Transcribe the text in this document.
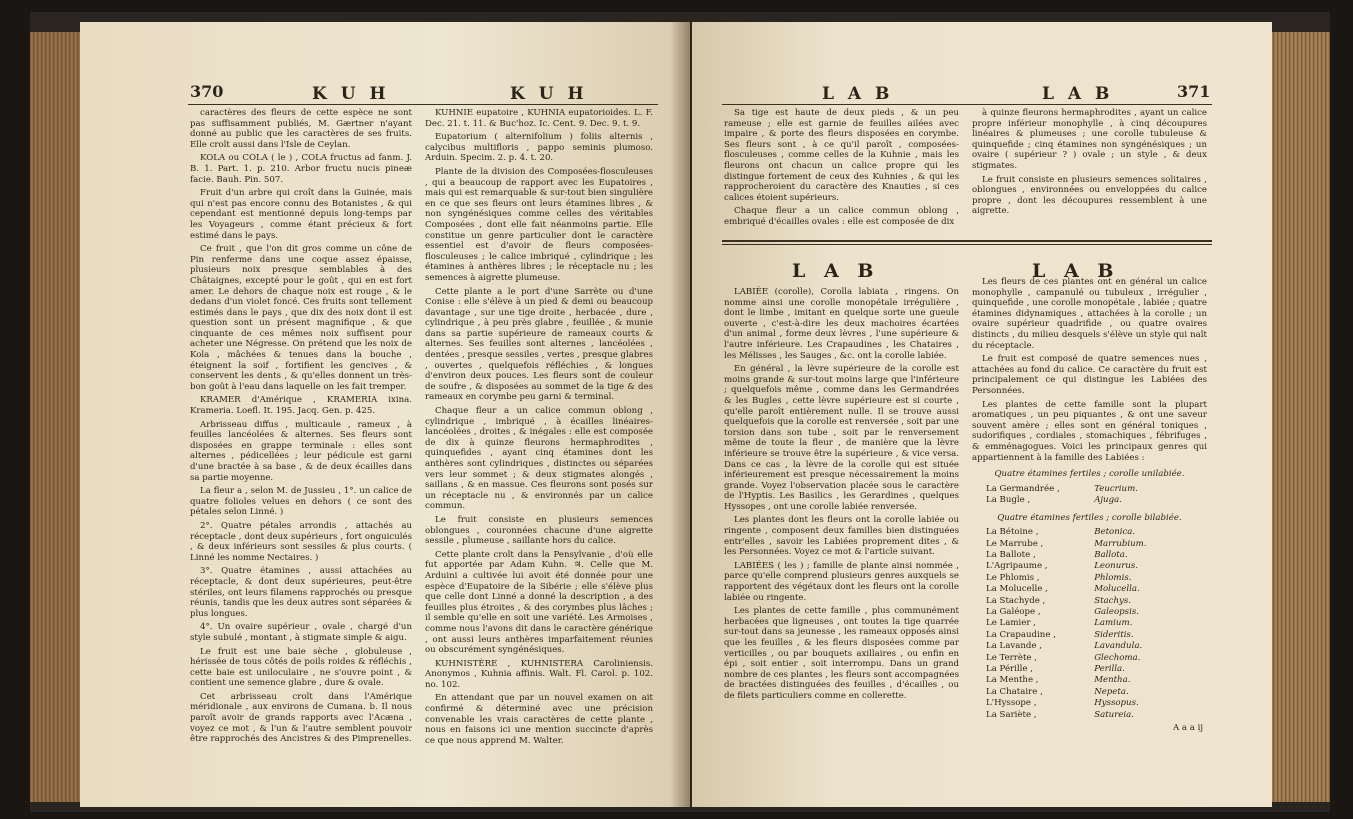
370	K U H	K U H

caractères des fleurs de cette espèce ne sont pas suffisamment publiés, M. Gærtner n'ayant donné au public que les caractères de ses fruits. Elle croît aussi dans l'Isle de Ceylan.

KOLA ou COLA ( le ) , COLA fructus ad fanm. J. B. 1. Part. 1. p. 210. Arbor fructu nucis pineæ facie. Bauh. Pin. 507.

Fruit d'un arbre qui croît dans la Guinée, mais qui n'est pas encore connu des Botanistes , & qui cependant est mentionné depuis long-temps par les Voyageurs , comme étant précieux & fort estimé dans le pays.

Ce fruit , que l'on dit gros comme un cône de Pin renferme dans une coque assez épaisse, plusieurs noix presque semblables à des Châtaignes, excepté pour le goût , qui en est fort amer. Le dehors de chaque noix est rouge , & le dedans d'un violet foncé. Ces fruits sont tellement estimés dans le pays , que dix des noix dont il est question sont un présent magnifique , & que cinquante de ces mêmes noix suffisent pour acheter une Négresse. On prétend que les noix de Kola , mâchées & tenues dans la bouche , éteignent la soif , fortifient les gencives , & conservent les dents , & qu'elles donnent un très-bon goût à l'eau dans laquelle on les fait tremper.

KRAMER d'Amérique , KRAMERIA ixina. Krameria. Loefl. It. 195. Jacq. Gen. p. 425.

Arbrisseau diffus , multicaule , rameux , à feuilles lancéolées & alternes. Ses fleurs sont disposées en grappe terminale : elles sont alternes , pédicellées ; leur pédicule est garni d'une bractée à sa base , & de deux écailles dans sa partie moyenne.

La fleur a , selon M. de Jussieu , 1°. un calice de quatre folioles velues en dehors ( ce sont des pétales selon Linné. )

2°. Quatre pétales arrondis , attachés au réceptacle , dont deux supérieurs , fort onguiculés , & deux inférieurs sont sessiles & plus courts. ( Linné les nomme Nectaires. )

3°. Quatre étamines , aussi attachées au réceptacle, & dont deux supérieures, peut-être stériles, ont leurs filamens rapprochés ou presque réunis, tandis que les deux autres sont séparées & plus longues.

4°. Un ovaire supérieur , ovale , chargé d'un style subulé , montant , à stigmate simple & aigu.

Le fruit est une baie sèche , globuleuse , hérissée de tous côtés de poils roides & réfléchis , cette baie est uniloculaire , ne s'ouvre point , & contient une semence glabre , dure & ovale.

Cet arbrisseau croît dans l'Amérique méridionale , aux environs de Cumana. b. Il nous paroît avoir de grands rapports avec l'Acæna , voyez ce mot , & l'un & l'autre semblent pouvoir être rapprochés des Ancistres & des Pimprenelles.

KUHNIE eupatoire , KUHNIA eupatorioides. L. F. Dec. 21. t. 11. & Buc'hoz. Ic. Cent. 9. Dec. 9. t. 9.

Eupatorium ( alternifolium ) foliis alternis , calycibus multifloris , pappo seminis plumoso. Arduin. Specim. 2. p. 4. t. 20.

Plante de la division des Composées-flosculeuses , qui a beaucoup de rapport avec les Eupatoires , mais qui est remarquable & sur-tout bien singulière en ce que ses fleurs ont leurs étamines libres , & non syngénésiques comme celles des véritables Composées , dont elle fait néanmoins partie. Elle constitue un genre particulier dont le caractère essentiel est d'avoir de fleurs composées-flosculeuses ; le calice imbriqué , cylindrique ; les étamines à anthères libres ; le réceptacle nu ; les semences à aigrette plumeuse.

Cette plante a le port d'une Sarrète ou d'une Conise : elle s'élève à un pied & demi ou beaucoup davantage , sur une tige droite , herbacée , dure , cylindrique , à peu près glabre , feuillée , & munie dans sa partie supérieure de rameaux courts & alternes. Ses feuilles sont alternes , lancéolées , dentées , presque sessiles , vertes , presque glabres , ouvertes , quelquefois réfléchies , & longues d'environ deux pouces. Les fleurs sont de couleur de soufre , & disposées au sommet de la tige & des rameaux en corymbe peu garni & terminal.

Chaque fleur a un calice commun oblong , cylindrique , imbriqué , à écailles linéaires-lancéolées , droites , & inégales : elle est composée de dix à quinze fleurons hermaphrodites , quinquefides , ayant cinq étamines dont les anthères sont cylindriques , distinctes ou séparées vers leur sommet ; & deux stigmates alongés , saillans , & en massue. Ces fleurons sont posés sur un réceptacle nu , & environnés par un calice commun.

Le fruit consiste en plusieurs semences oblongues , couronnées chacune d'une aigrette sessile , plumeuse , saillante hors du calice.

Cette plante croît dans la Pensylvanie , d'où elle fut apportée par Adam Kuhn. ♃. Celle que M. Arduini a cultivée lui avoit été donnée pour une espèce d'Eupatoire de la Sibérie ; elle s'élève plus que celle dont Linné a donné la description , a des feuilles plus étroites , & des corymbes plus lâches ; il semble qu'elle en soit une variété. Les Armoises , comme nous l'avons dit dans le caractère générique , ont aussi leurs anthères imparfaitement réunies ou obscurément syngénésiques.

KUHNISTÈRE , KUHNISTERA Caroliniensis. Anonymos , Kuhnia affinis. Walt. Fl. Carol. p. 102. no. 102.

En attendant que par un nouvel examen on ait confirmé & déterminé avec une précision convenable les vrais caractères de cette plante , nous en faisons ici une mention succincte d'après ce que nous apprend M. Walter.

L A B	L A B	371

Sa tige est haute de deux pieds , & un peu rameuse ; elle est garnie de feuilles ailées avec impaire , & porte des fleurs disposées en corymbe. Ses fleurs sont , à ce qu'il paroît , composées-flosculeuses , comme celles de la Kuhnie , mais les fleurons ont chacun un calice propre qui les distingue fortement de ceux des Kuhnies , & qui les rapprocheroient du caractère des Knauties , si ces calices étoient supérieurs.

Chaque fleur a un calice commun oblong , embriqué d'écailles ovales : elle est composée de dix

à quinze fleurons hermaphrodites , ayant un calice propre inférieur monophylle , à cinq découpures linéaires & plumeuses ; une corolle tubuleuse & quinquefide ; cinq étamines non syngénésiques ; un ovaire ( supérieur ? ) ovale ; un style , & deux stigmates.

Le fruit consiste en plusieurs semences solitaires , oblongues , environnées ou enveloppées du calice propre , dont les découpures ressemblent à une aigrette.

L A B	L A B

LABIÉE (corolle), Corolla labiata , ringens. On nomme ainsi une corolle monopétale irrégulière , dont le limbe , imitant en quelque sorte une gueule ouverte , c'est-à-dire les deux machoires écartées d'un animal , forme deux lèvres , l'une supérieure & l'autre inférieure. Les Crapaudines , les Chataires , les Mélisses , les Sauges , &c. ont la corolle labiée.

En général , la lèvre supérieure de la corolle est moins grande & sur-tout moins large que l'inférieure ; quelquefois même , comme dans les Germandrées & les Bugles , cette lèvre supérieure est si courte , qu'elle paroît entièrement nulle. Il se trouve aussi quelquefois que la corolle est renversée , soit par une torsion dans son tube , soit par le renversement même de toute la fleur , de manière que la lèvre inférieure se trouve être la supérieure , & vice versa. Dans ce cas , la lèvre de la corolle qui est située inférieurement est presque nécessairement la moins grande. Voyez l'observation placée sous le caractère de l'Hyptis. Les Basilics , les Gerardines , quelques Hyssopes , ont une corolle labiée renversée.

Les plantes dont les fleurs ont la corolle labiée ou ringente , composent deux familles bien distinguées entr'elles , savoir les Labiées proprement dites , & les Personnées. Voyez ce mot & l'article suivant.

LABIÉES ( les ) ; famille de plante ainsi nommée , parce qu'elle comprend plusieurs genres auxquels se rapportent des végétaux dont les fleurs ont la corolle labiée ou ringente.

Les plantes de cette famille , plus communément herbacées que ligneuses , ont toutes la tige quarrée sur-tout dans sa jeunesse , les rameaux opposés ainsi que les feuilles , & les fleurs disposées comme par verticilles , ou par bouquets axillaires , ou enfin en épi , soit entier , soit interrompu. Dans un grand nombre de ces plantes , les fleurs sont accompagnées de bractées distinguées des feuilles , d'écailles , ou de filets particuliers comme en collerette.

Les fleurs de ces plantes ont en général un calice monophylle , campanulé ou tubuleux , irrégulier , quinquefide , une corolle monopétale , labiée ; quatre étamines didynamiques , attachées à la corolle ; un ovaire supérieur quadrifide , ou quatre ovaires distincts , du milieu desquels s'élève un style qui naît du réceptacle.

Le fruit est composé de quatre semences nues , attachées au fond du calice. Ce caractère du fruit est principalement ce qui distingue les Labiées des Personnées.

Les plantes de cette famille sont la plupart aromatiques , un peu piquantes , & ont une saveur souvent amère ; elles sont en général toniques , sudorifiques , cordiales , stomachiques , fébrifuges , & emménagogues. Voici les principaux genres qui appartiennent à la famille des Labiées :

Quatre étamines fertiles ; corolle unilabiée.
La Germandrée ,	Teucrium.
La Bugle ,	Ajuga.
Quatre étamines fertiles ; corolle bilabiée.
La Bétoine ,	Betonica.
Le Marrube ,	Marrubium.
La Ballote ,	Ballota.
L'Agripaume ,	Leonurus.
Le Phlomis ,	Phlomis.
La Molucelle ,	Molucella.
La Stachyde ,	Stachys.
La Galéope ,	Galeopsis.
Le Lamier ,	Lamium.
La Crapaudine ,	Sideritis.
La Lavande ,	Lavandula.
Le Terrète ,	Glechoma.
La Pérille ,	Perilla.
La Menthe ,	Mentha.
La Chataire ,	Nepeta.
L'Hyssope ,	Hyssopus.
La Sariète ,	Satureia.
A a a ij
